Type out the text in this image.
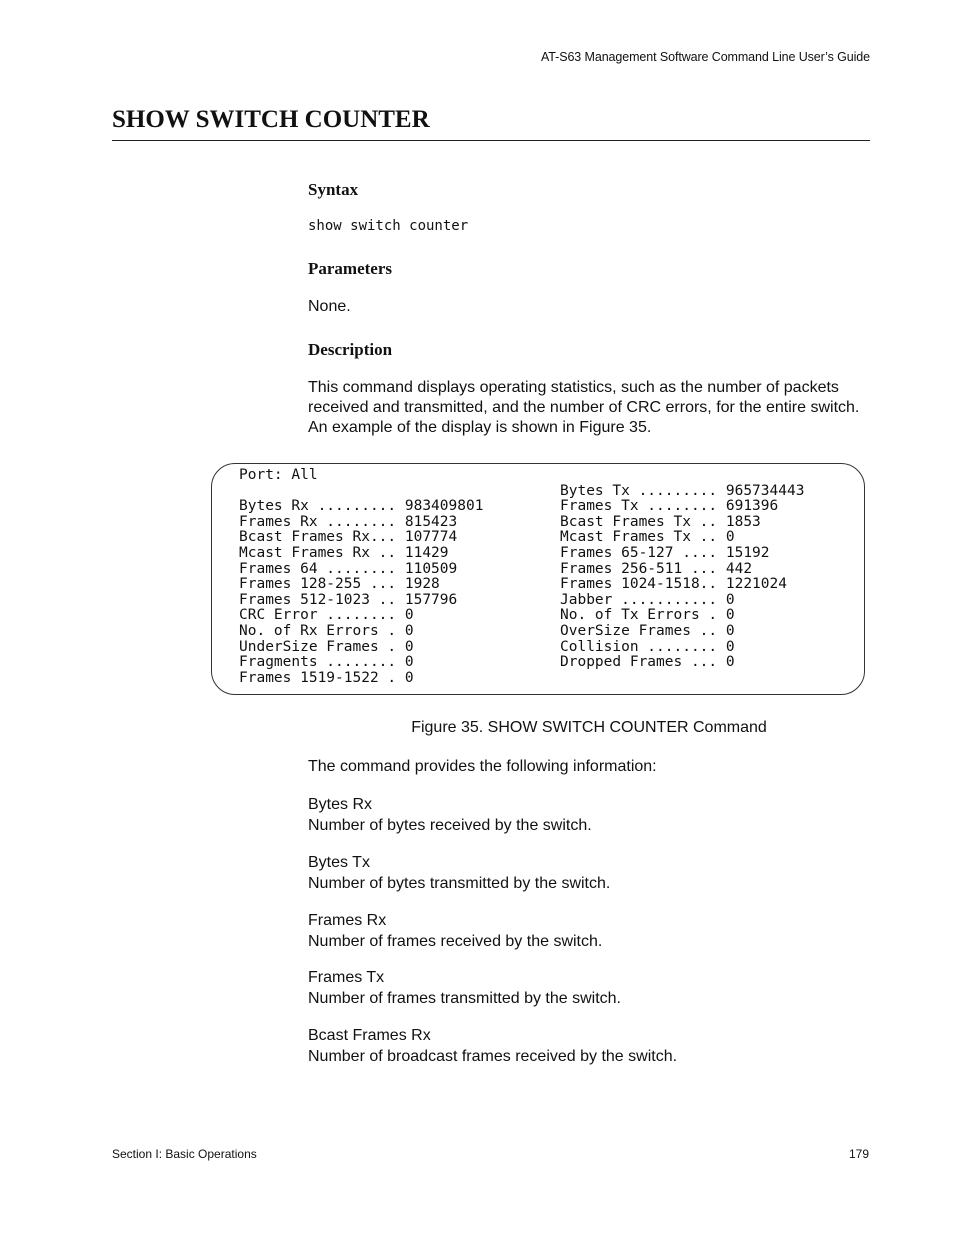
AT-S63 Management Software Command Line User’s Guide
SHOW SWITCH COUNTER
Syntax
show switch counter
Parameters
None.
Description
This command displays operating statistics, such as the number of packets received and transmitted, and the number of CRC errors, for the entire switch. An example of the display is shown in Figure 35.
Port: All

Bytes Rx ......... 983409801
Frames Rx ........ 815423
Bcast Frames Rx... 107774
Mcast Frames Rx .. 11429
Frames 64 ........ 110509
Frames 128-255 ... 1928
Frames 512-1023 .. 157796
CRC Error ........ 0
No. of Rx Errors . 0
UnderSize Frames . 0
Fragments ........ 0
Frames 1519-1522 . 0

Bytes Tx ......... 965734443
Frames Tx ........ 691396
Bcast Frames Tx .. 1853
Mcast Frames Tx .. 0
Frames 65-127 .... 15192
Frames 256-511 ... 442
Frames 1024-1518.. 1221024
Jabber ........... 0
No. of Tx Errors . 0
OverSize Frames .. 0
Collision ........ 0
Dropped Frames ... 0
Figure 35. SHOW SWITCH COUNTER Command
The command provides the following information:
Bytes Rx
Number of bytes received by the switch.
Bytes Tx
Number of bytes transmitted by the switch.
Frames Rx
Number of frames received by the switch.
Frames Tx
Number of frames transmitted by the switch.
Bcast Frames Rx
Number of broadcast frames received by the switch.
Section I: Basic Operations	179
